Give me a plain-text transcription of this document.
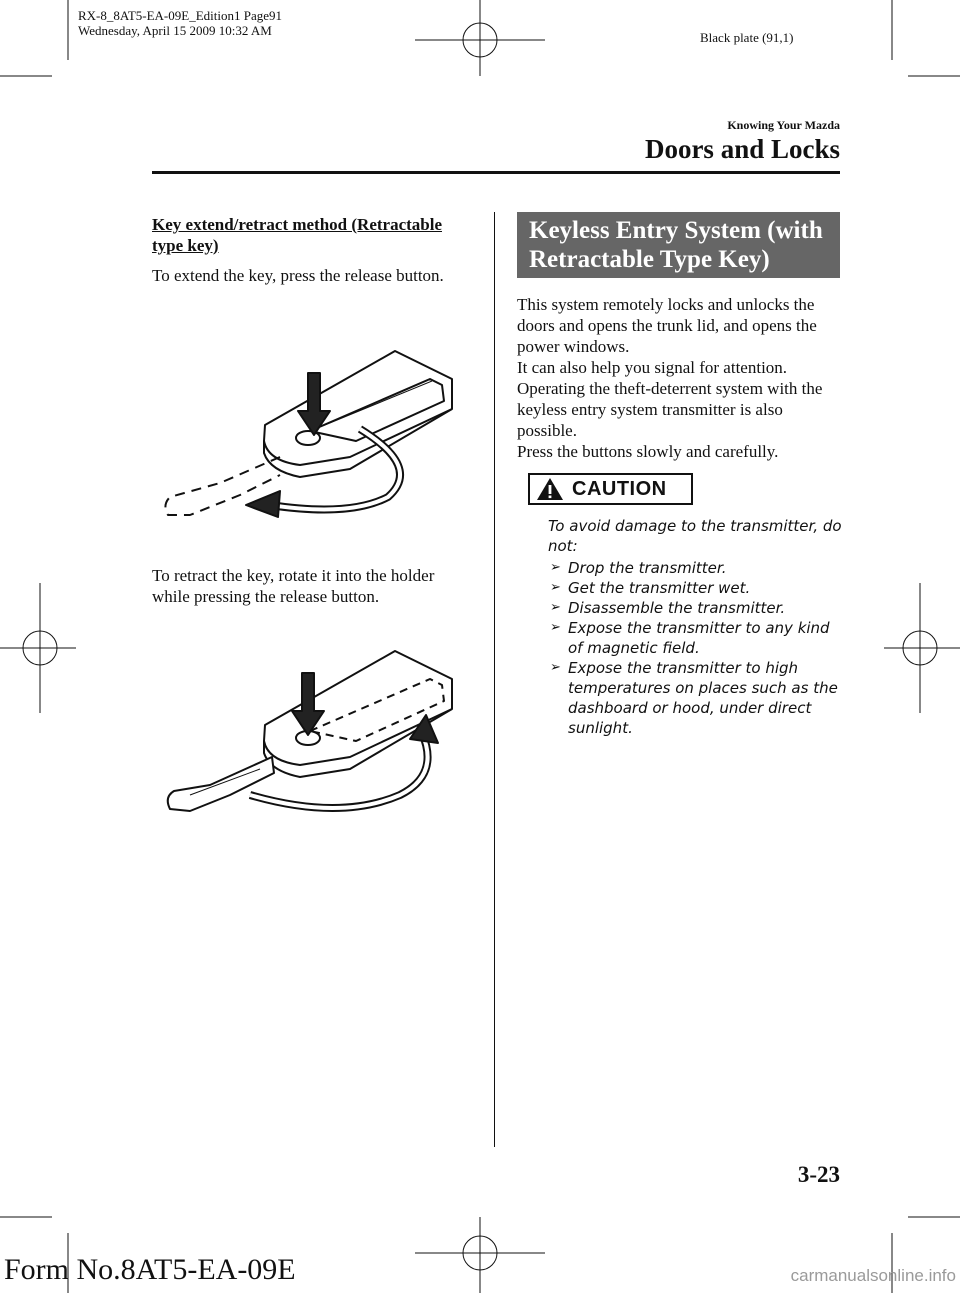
RX-8_8AT5-EA-09E_Edition1 Page91
Wednesday, April 15 2009 10:32 AM	Black plate (91,1)
Knowing Your Mazda
Doors and Locks
Key extend/retract method (Retractable type key)
To extend the key, press the release button.
To retract the key, rotate it into the holder while pressing the release button.
Keyless Entry System (with Retractable Type Key)
This system remotely locks and unlocks the doors and opens the trunk lid, and opens the power windows.
It can also help you signal for attention.
Operating the theft-deterrent system with the keyless entry system transmitter is also possible.
Press the buttons slowly and carefully.
CAUTION
To avoid damage to the transmitter, do not:
➢ Drop the transmitter.
➢ Get the transmitter wet.
➢ Disassemble the transmitter.
➢ Expose the transmitter to any kind of magnetic field.
➢ Expose the transmitter to high temperatures on places such as the dashboard or hood, under direct sunlight.
3-23
Form No.8AT5-EA-09E	carmanualsonline.info
